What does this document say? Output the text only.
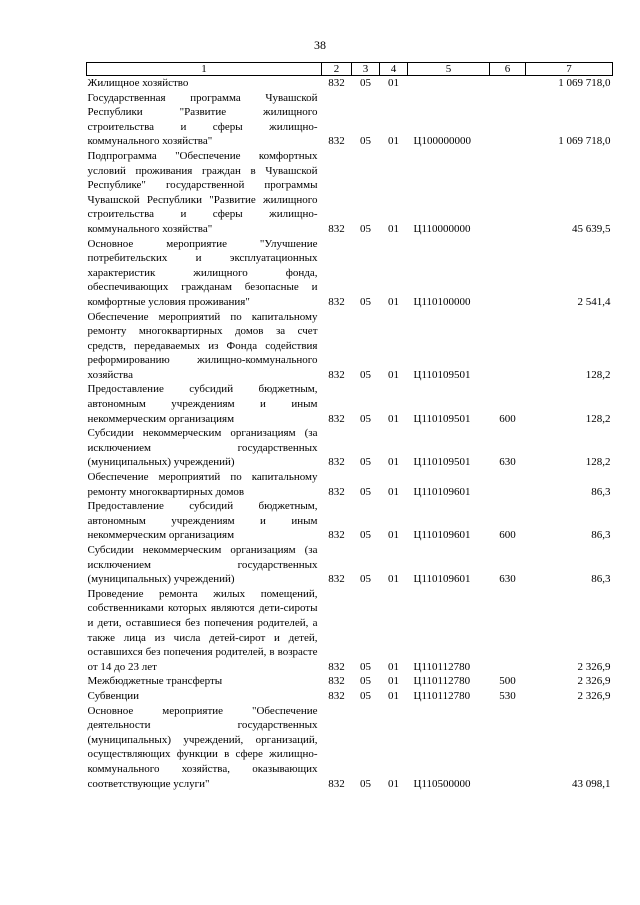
38
1	2	3	4	5	6	7
Жилищное хозяйство	832	05	01			1 069 718,0
Государственная программа Чувашской Республики "Развитие жилищного строительства и сферы жилищно-коммунального хозяйства"	832	05	01	Ц100000000		1 069 718,0
Подпрограмма "Обеспечение комфортных условий проживания граждан в Чувашской Республике" государственной программы Чувашской Республики "Развитие жилищного строительства и сферы жилищно-коммунального хозяйства"	832	05	01	Ц110000000		45 639,5
Основное мероприятие "Улучшение потребительских и эксплуатационных характеристик жилищного фонда, обеспечивающих гражданам безопасные и комфортные условия проживания"	832	05	01	Ц110100000		2 541,4
Обеспечение мероприятий по капитальному ремонту многоквартирных домов за счет средств, передаваемых из Фонда содействия реформированию жилищно-коммунального хозяйства	832	05	01	Ц110109501		128,2
Предоставление субсидий бюджетным, автономным учреждениям и иным некоммерческим организациям	832	05	01	Ц110109501	600	128,2
Субсидии некоммерческим организациям (за исключением государственных (муниципальных) учреждений)	832	05	01	Ц110109501	630	128,2
Обеспечение мероприятий по капитальному ремонту многоквартирных домов	832	05	01	Ц110109601		86,3
Предоставление субсидий бюджетным, автономным учреждениям и иным некоммерческим организациям	832	05	01	Ц110109601	600	86,3
Субсидии некоммерческим организациям (за исключением государственных (муниципальных) учреждений)	832	05	01	Ц110109601	630	86,3
Проведение ремонта жилых помещений, собственниками которых являются дети-сироты и дети, оставшиеся без попечения родителей, а также лица из числа детей-сирот и детей, оставшихся без попечения родителей, в возрасте от 14 до 23 лет	832	05	01	Ц110112780		2 326,9
Межбюджетные трансферты	832	05	01	Ц110112780	500	2 326,9
Субвенции	832	05	01	Ц110112780	530	2 326,9
Основное мероприятие "Обеспечение деятельности государственных (муниципальных) учреждений, организаций, осуществляющих функции в сфере жилищно-коммунального хозяйства, оказывающих соответствующие услуги"	832	05	01	Ц110500000		43 098,1
